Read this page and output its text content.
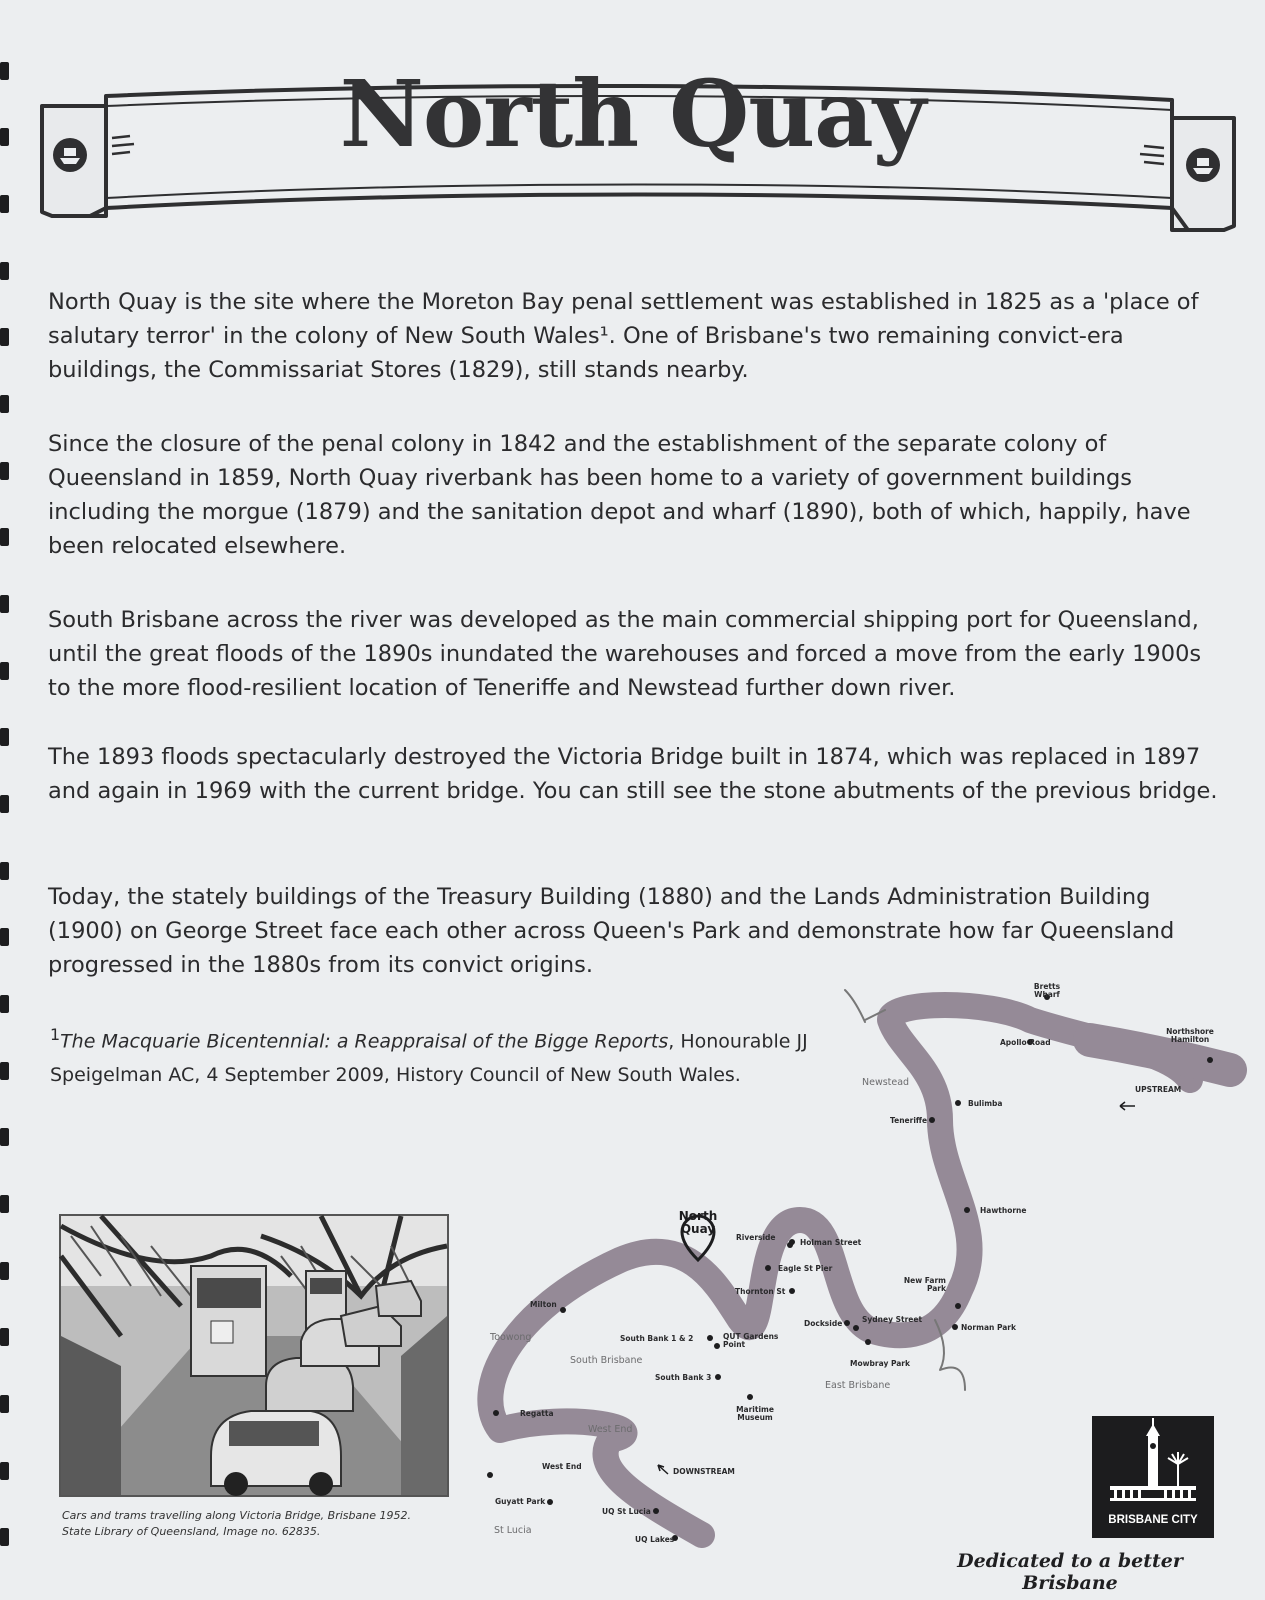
North Quay

North Quay is the site where the Moreton Bay penal settlement was established in 1825 as a 'place of salutary terror' in the colony of New South Wales¹. One of Brisbane's two remaining convict-era buildings, the Commissariat Stores (1829), still stands nearby.

Since the closure of the penal colony in 1842 and the establishment of the separate colony of Queensland in 1859, North Quay riverbank has been home to a variety of government buildings including the morgue (1879) and the sanitation depot and wharf (1890), both of which, happily, have been relocated elsewhere.

South Brisbane across the river was developed as the main commercial shipping port for Queensland, until the great floods of the 1890s inundated the warehouses and forced a move from the early 1900s to the more flood-resilient location of Teneriffe and Newstead further down river.

The 1893 floods spectacularly destroyed the Victoria Bridge built in 1874, which was replaced in 1897 and again in 1969 with the current bridge. You can still see the stone abutments of the previous bridge.

Today, the stately buildings of the Treasury Building (1880) and the Lands Administration Building (1900) on George Street face each other across Queen's Park and demonstrate how far Queensland progressed in the 1880s from its convict origins.

$^1$The Macquarie Bicentennial: a Reappraisal of the Bigge Reports, Honourable JJ Speigelman AC, 4 September 2009, History Council of New South Wales.

Cars and trams travelling along Victoria Bridge, Brisbane 1952.
State Library of Queensland, Image no. 62835.
North Quay
Bretts Wharf
Apollo Road
Northshore Hamilton
Bulimba
Teneriffe
Hawthorne
Riverside
Holman Street
Eagle St Pier
Thornton St
New Farm Park
Milton
Dockside	Sydney Street
Norman Park
South Bank 1 & 2	QUT Gardens Point
South Bank 3
Mowbray Park
Regatta	Maritime Museum
West End
Guyatt Park
UQ St Lucia
UQ Lakes
UPSTREAM
DOWNSTREAM
Newstead
Toowong
South Brisbane
East Brisbane
West End
St Lucia
BRISBANE CITY
Dedicated to a better Brisbane
